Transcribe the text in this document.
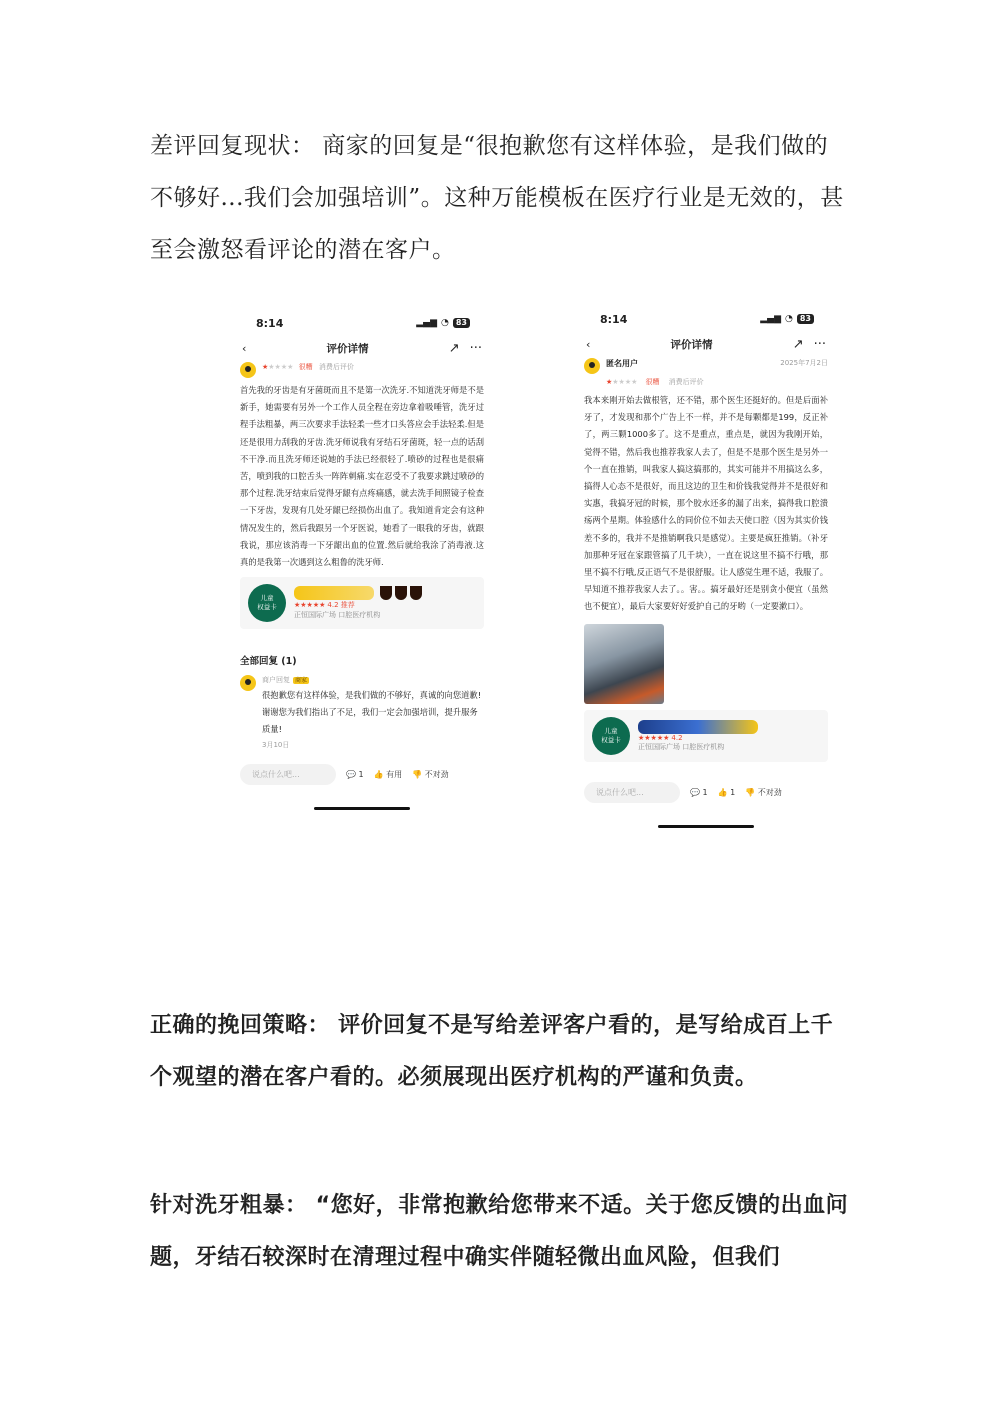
差评回复现状： 商家的回复是“很抱歉您有这样体验，是我们做的不够好...我们会加强培训”。这种万能模板在医疗行业是无效的，甚至会激怒看评论的潜在客户。
8:14	▂▄▆ ◔ 83
‹	评价详情	↗ ···
★★★★★ 很糟 消费后评价
首先我的牙齿是有牙菌斑而且不是第一次洗牙.不知道洗牙师是不是新手，她需要有另外一个工作人员全程在旁边拿着吸唾管，洗牙过程手法粗暴，两三次要求手法轻柔一些才口头答应会手法轻柔.但是还是很用力刮我的牙齿.洗牙师说我有牙结石牙菌斑，轻一点的话刮不干净.而且洗牙师还说她的手法已经很轻了.喷砂的过程也是很痛苦，喷到我的口腔舌头一阵阵刺痛.实在忍受不了我要求跳过喷砂的那个过程.洗牙结束后觉得牙龈有点疼痛感，就去洗手间照镜子检查一下牙齿，发现有几处牙龈已经损伤出血了。我知道肯定会有这种情况发生的，然后我跟另一个牙医说，她看了一眼我的牙齿，就跟我说，那应该消毒一下牙龈出血的位置.然后就给我涂了消毒液.这真的是我第一次遇到这么粗鲁的洗牙师.
儿童
权益卡
	★★★★★ 4.2 推荐
正恒国际广场 口腔医疗机构
全部回复 (1)
商户回复 商家
很抱歉您有这样体验，是我们做的不够好，真诚的向您道歉! 谢谢您为我们指出了不足，我们一定会加强培训，提升服务质量!
3月10日
说点什么吧...	💬 1 👍 有用 👎 不对劲
8:14	▂▄▆ ◔ 83
‹	评价详情	↗ ···
匿名用户	2025年7月2日
★★★★★ 很糟 消费后评价
我本来刚开始去做根管，还不错，那个医生还挺好的。但是后面补牙了，才发现和那个广告上不一样，并不是每颗都是199，反正补了，两三颗1000多了。这不是重点，重点是，就因为我刚开始，觉得不错，然后我也推荐我家人去了，但是不是那个医生是另外一个一直在推销，叫我家人搞这搞那的，其实可能并不用搞这么多，搞得人心态不是很好，而且这边的卫生和价钱我觉得并不是很好和实惠，我搞牙冠的时候，那个胶水还多的漏了出来，搞得我口腔溃疡两个星期。体验感什么的同价位不如去天使口腔（因为其实价钱差不多的，我并不是推销啊我只是感觉）。主要是疯狂推销。（补牙加那种牙冠在家跟管搞了几千块），一直在说这里不搞不行哦，那里不搞不行哦,反正语气不是很舒服。让人感觉生理不适，我服了。早知道不推荐我家人去了。。害。。搞牙最好还是别贪小便宜（虽然也不便宜），最后大家要好好爱护自己的牙哟（一定要漱口）。
儿童
权益卡	★★★★★ 4.2
正恒国际广场 口腔医疗机构
说点什么吧...	💬 1 👍 1 👎 不对劲
正确的挽回策略： 评价回复不是写给差评客户看的，是写给成百上千个观望的潜在客户看的。必须展现出医疗机构的严谨和负责。
针对洗牙粗暴： “您好，非常抱歉给您带来不适。关于您反馈的出血问题，牙结石较深时在清理过程中确实伴随轻微出血风险，但我们
